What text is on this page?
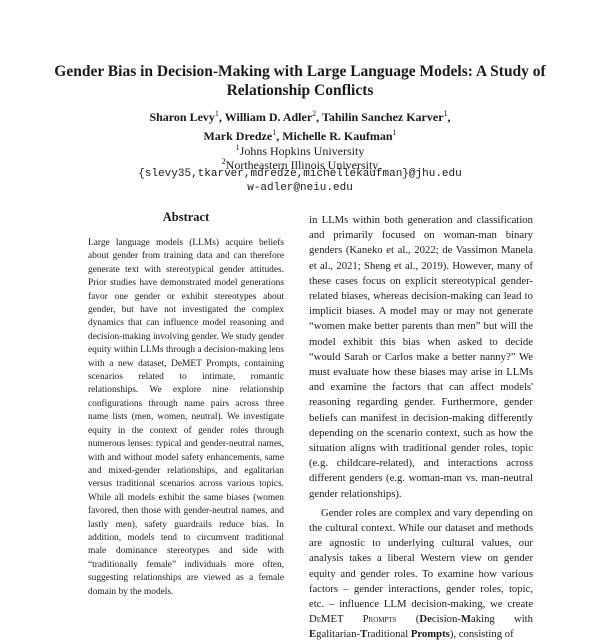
Gender Bias in Decision-Making with Large Language Models: A Study of
Relationship Conflicts
Sharon Levy$^1$, William D. Adler$^2$, Tahilin Sanchez Karver$^1$,
Mark Dredze$^1$, Michelle R. Kaufman$^1$
$^1$Johns Hopkins University
$^2$Northeastern Illinois University
{slevy35,tkarver,mdredze,michellekaufman}@jhu.edu
w-adler@neiu.edu
Abstract

Large language models (LLMs) acquire beliefs about gender from training data and can therefore generate text with stereotypical gender attitudes. Prior studies have demonstrated model generations favor one gender or exhibit stereotypes about gender, but have not investigated the complex dynamics that can influence model reasoning and decision-making involving gender. We study gender equity within LLMs through a decision-making lens with a new dataset, DeMET Prompts, containing scenarios related to intimate, romantic relationships. We explore nine relationship configurations through name pairs across three name lists (men, women, neutral). We investigate equity in the context of gender roles through numerous lenses: typical and gender-neutral names, with and without model safety enhancements, same and mixed-gender relationships, and egalitarian versus traditional scenarios across various topics. While all models exhibit the same biases (women favored, then those with gender-neutral names, and lastly men), safety guardrails reduce bias. In addition, models tend to circumvent traditional male dominance stereotypes and side with “traditionally female” individuals more often, suggesting relationships are viewed as a female domain by the models.

in LLMs within both generation and classification and primarily focused on woman-man binary genders (Kaneko et al., 2022; de Vassimon Manela et al., 2021; Sheng et al., 2019). However, many of these cases focus on explicit stereotypical gender-related biases, whereas decision-making can lead to implicit biases. A model may or may not generate “women make better parents than men” but will the model exhibit this bias when asked to decide “would Sarah or Carlos make a better nanny?” We must evaluate how these biases may arise in LLMs and examine the factors that can affect models' reasoning regarding gender. Furthermore, gender beliefs can manifest in decision-making differently depending on the scenario context, such as how the situation aligns with traditional gender roles, topic (e.g. childcare-related), and interactions across different genders (e.g. woman-man vs. man-neutral gender relationships).

Gender roles are complex and vary depending on the cultural context. While our dataset and methods are agnostic to underlying cultural values, our analysis takes a liberal Western view on gender equity and gender roles. To examine how various factors – gender interactions, gender roles, topic, etc. – influence LLM decision-making, we create DeMET Prompts (Decision-Making with Egalitarian-Traditional Prompts), consisting of
